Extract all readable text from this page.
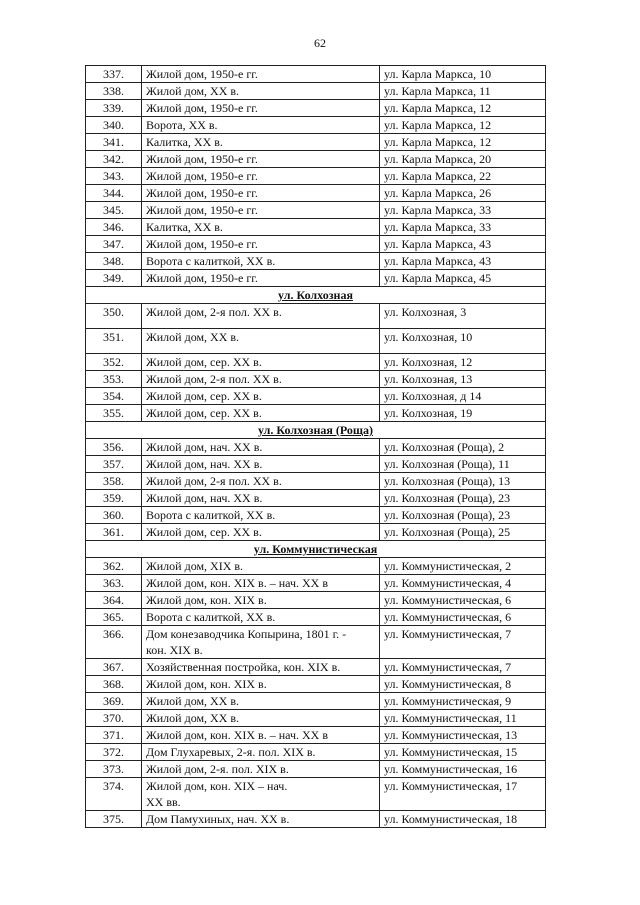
62
337.	Жилой дом, 1950-е гг.	ул. Карла Маркса, 10
338.	Жилой дом, XX в.	ул. Карла Маркса, 11
339.	Жилой дом, 1950-е гг.	ул. Карла Маркса, 12
340.	Ворота, XX в.	ул. Карла Маркса, 12
341.	Калитка, XX в.	ул. Карла Маркса, 12
342.	Жилой дом, 1950-е гг.	ул. Карла Маркса, 20
343.	Жилой дом, 1950-е гг.	ул. Карла Маркса, 22
344.	Жилой дом, 1950-е гг.	ул. Карла Маркса, 26
345.	Жилой дом, 1950-е гг.	ул. Карла Маркса, 33
346.	Калитка, XX в.	ул. Карла Маркса, 33
347.	Жилой дом, 1950-е гг.	ул. Карла Маркса, 43
348.	Ворота с калиткой, XX в.	ул. Карла Маркса, 43
349.	Жилой дом, 1950-е гг.	ул. Карла Маркса, 45
ул. Колхозная		
350.	Жилой дом, 2-я пол. XX в.	ул. Колхозная, 3
351.	Жилой дом, XX в.	ул. Колхозная, 10
352.	Жилой дом, сер. XX в.	ул. Колхозная, 12
353.	Жилой дом, 2-я пол. XX в.	ул. Колхозная, 13
354.	Жилой дом, сер. XX в.	ул. Колхозная, д 14
355.	Жилой дом, сер. XX в.	ул. Колхозная, 19
ул. Колхозная (Роща)		
356.	Жилой дом, нач. XX в.	ул. Колхозная (Роща), 2
357.	Жилой дом, нач. XX в.	ул. Колхозная (Роща), 11
358.	Жилой дом, 2-я пол. XX в.	ул. Колхозная (Роща), 13
359.	Жилой дом, нач. XX в.	ул. Колхозная (Роща), 23
360.	Ворота с калиткой, XX в.	ул. Колхозная (Роща), 23
361.	Жилой дом, сер. XX в.	ул. Колхозная (Роща), 25
ул. Коммунистическая		
362.	Жилой дом, XIX в.	ул. Коммунистическая, 2
363.	Жилой дом, кон. XIX в. – нач. XX в	ул. Коммунистическая, 4
364.	Жилой дом, кон. XIX в.	ул. Коммунистическая, 6
365.	Ворота с калиткой, XX в.	ул. Коммунистическая, 6
366.	Дом конезаводчика Копырина, 1801 г. -
кон. XIX в.	ул. Коммунистическая, 7
367.	Хозяйственная постройка, кон. XIX в.	ул. Коммунистическая, 7
368.	Жилой дом, кон. XIX в.	ул. Коммунистическая, 8
369.	Жилой дом, XX в.	ул. Коммунистическая, 9
370.	Жилой дом, XX в.	ул. Коммунистическая, 11
371.	Жилой дом, кон. XIX в. – нач. XX в	ул. Коммунистическая, 13
372.	Дом Глухаревых, 2-я. пол. XIX в.	ул. Коммунистическая, 15
373.	Жилой дом, 2-я. пол. XIX в.	ул. Коммунистическая, 16
374.	Жилой дом, кон. XIX – нач.
XX вв.	ул. Коммунистическая, 17
375.	Дом Памухиных, нач. XX в.	ул. Коммунистическая, 18
